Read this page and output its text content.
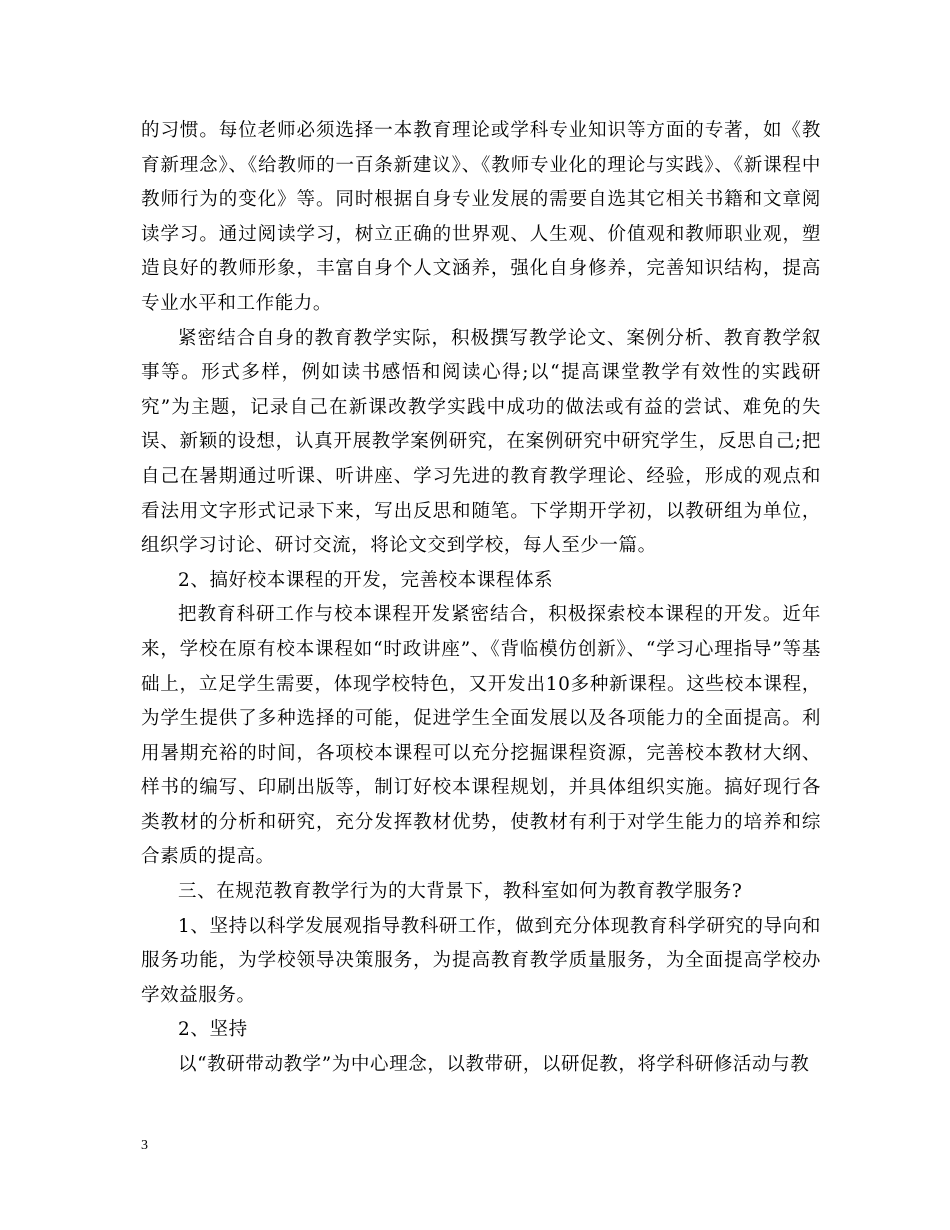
的习惯。每位老师必须选择一本教育理论或学科专业知识等方面的专著，如《教育新理念》、《给教师的一百条新建议》、《教师专业化的理论与实践》、《新课程中教师行为的变化》等。同时根据自身专业发展的需要自选其它相关书籍和文章阅读学习。通过阅读学习，树立正确的世界观、人生观、价值观和教师职业观，塑造良好的教师形象，丰富自身个人文涵养，强化自身修养，完善知识结构，提高专业水平和工作能力。

紧密结合自身的教育教学实际，积极撰写教学论文、案例分析、教育教学叙事等。形式多样，例如读书感悟和阅读心得;以“提高课堂教学有效性的实践研究”为主题，记录自己在新课改教学实践中成功的做法或有益的尝试、难免的失误、新颖的设想，认真开展教学案例研究，在案例研究中研究学生，反思自己;把自己在暑期通过听课、听讲座、学习先进的教育教学理论、经验，形成的观点和看法用文字形式记录下来，写出反思和随笔。下学期开学初，以教研组为单位，组织学习讨论、研讨交流，将论文交到学校，每人至少一篇。

2、搞好校本课程的开发，完善校本课程体系

把教育科研工作与校本课程开发紧密结合，积极探索校本课程的开发。近年来，学校在原有校本课程如“时政讲座”、《背临模仿创新》、“学习心理指导”等基础上，立足学生需要，体现学校特色，又开发出10多种新课程。这些校本课程，为学生提供了多种选择的可能，促进学生全面发展以及各项能力的全面提高。利用暑期充裕的时间，各项校本课程可以充分挖掘课程资源，完善校本教材大纲、样书的编写、印刷出版等，制订好校本课程规划，并具体组织实施。搞好现行各类教材的分析和研究，充分发挥教材优势，使教材有利于对学生能力的培养和综合素质的提高。

三、在规范教育教学行为的大背景下，教科室如何为教育教学服务?

1、坚持以科学发展观指导教科研工作，做到充分体现教育科学研究的导向和服务功能，为学校领导决策服务，为提高教育教学质量服务，为全面提高学校办学效益服务。

2、坚持

以“教研带动教学”为中心理念，以教带研，以研促教，将学科研修活动与教

3
